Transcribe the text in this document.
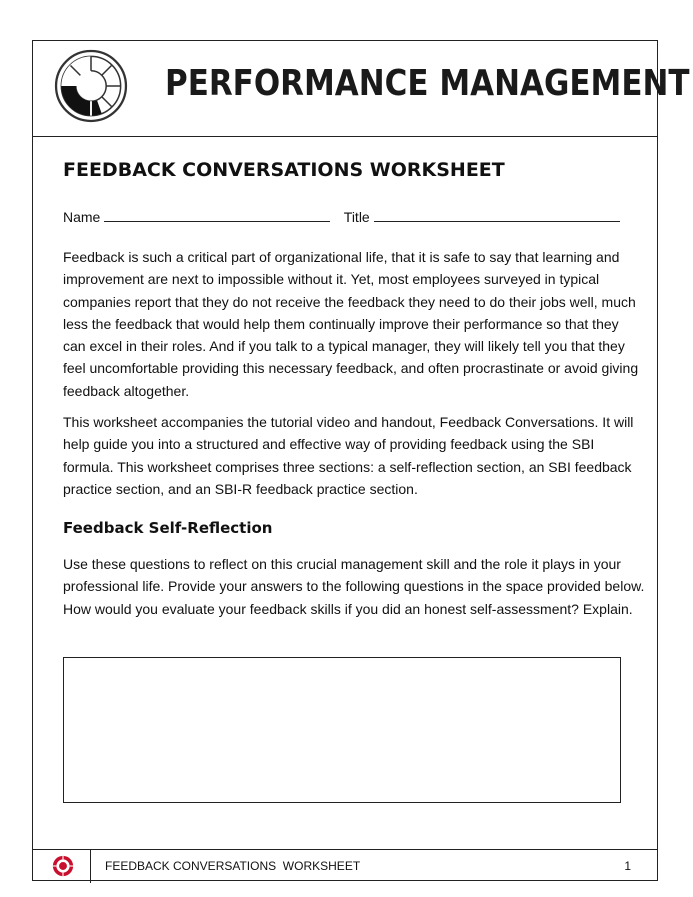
PERFORMANCE MANAGEMENT
FEEDBACK CONVERSATIONS WORKSHEET
Name	Title

Feedback is such a critical part of organizational life, that it is safe to say that learning and improvement are next to impossible without it. Yet, most employees surveyed in typical companies report that they do not receive the feedback they need to do their jobs well, much less the feedback that would help them continually improve their performance so that they can excel in their roles. And if you talk to a typical manager, they will likely tell you that they feel uncomfortable providing this necessary feedback, and often procrastinate or avoid giving feedback altogether.

This worksheet accompanies the tutorial video and handout, Feedback Conversations. It will help guide you into a structured and effective way of providing feedback using the SBI formula. This worksheet comprises three sections: a self-reflection section, an SBI feedback practice section, and an SBI-R feedback practice section.

Feedback Self-Reflection

Use these questions to reflect on this crucial management skill and the role it plays in your professional life. Provide your answers to the following questions in the space provided below. How would you evaluate your feedback skills if you did an honest self-assessment? Explain.

FEEDBACK CONVERSATIONS  WORKSHEET	1
